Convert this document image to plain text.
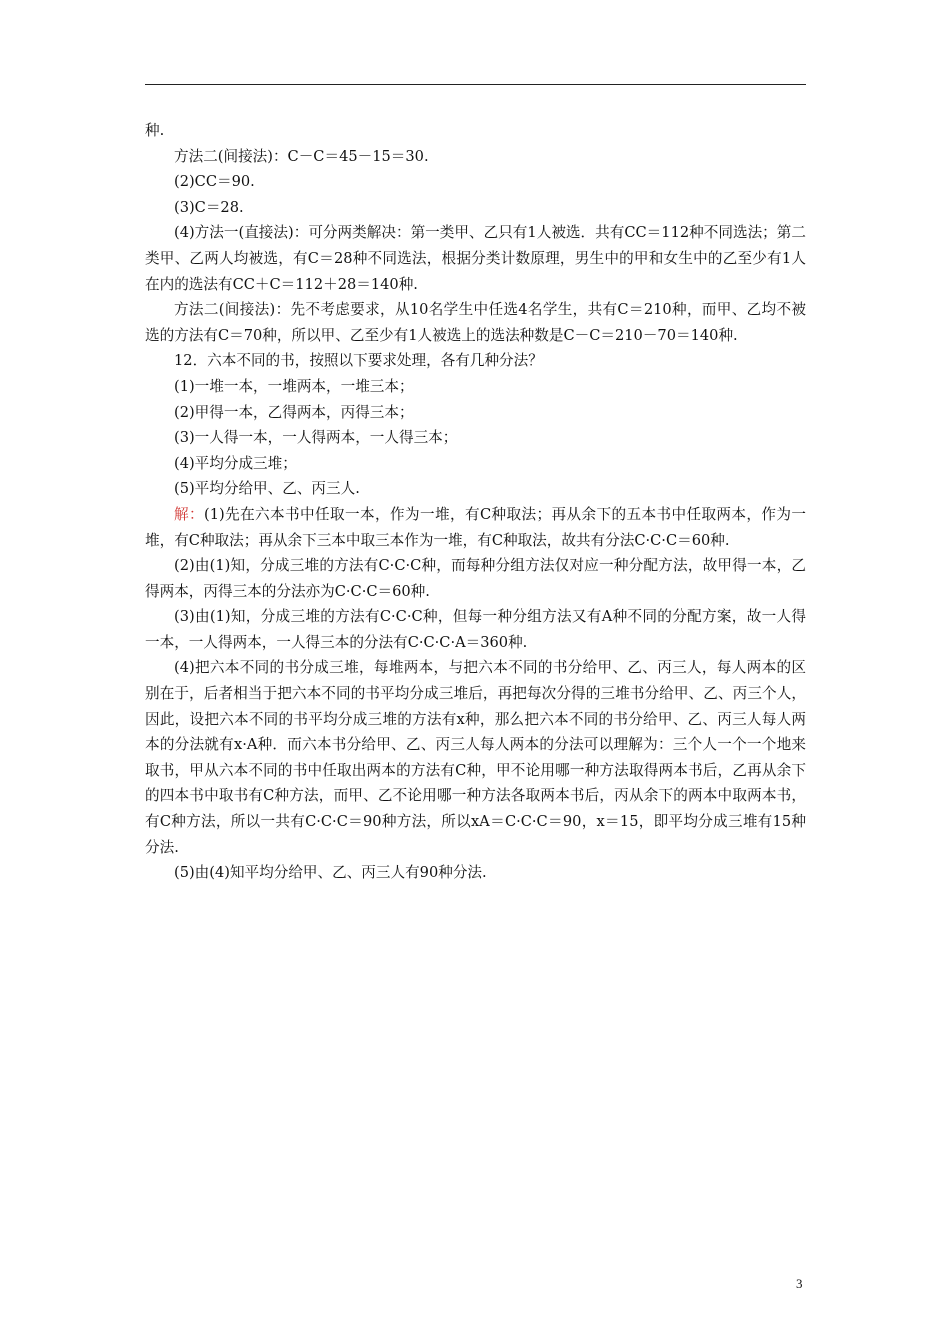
种.

方法二(间接法)：C－C＝45－15＝30.

(2)CC＝90.

(3)C＝28.

(4)方法一(直接法)：可分两类解决：第一类甲、乙只有1人被选．共有CC＝112种不同选法；第二类甲、乙两人均被选，有C＝28种不同选法，根据分类计数原理，男生中的甲和女生中的乙至少有1人在内的选法有CC＋C＝112＋28＝140种.

方法二(间接法)：先不考虑要求，从10名学生中任选4名学生，共有C＝210种，而甲、乙均不被选的方法有C＝70种，所以甲、乙至少有1人被选上的选法种数是C－C＝210－70＝140种.

12．六本不同的书，按照以下要求处理，各有几种分法？

(1)一堆一本，一堆两本，一堆三本；

(2)甲得一本，乙得两本，丙得三本；

(3)一人得一本，一人得两本，一人得三本；

(4)平均分成三堆；

(5)平均分给甲、乙、丙三人.

解：(1)先在六本书中任取一本，作为一堆，有C种取法；再从余下的五本书中任取两本，作为一堆，有C种取法；再从余下三本中取三本作为一堆，有C种取法，故共有分法C·C·C＝60种.

(2)由(1)知，分成三堆的方法有C·C·C种，而每种分组方法仅对应一种分配方法，故甲得一本，乙得两本，丙得三本的分法亦为C·C·C＝60种.

(3)由(1)知，分成三堆的方法有C·C·C种，但每一种分组方法又有A种不同的分配方案，故一人得一本，一人得两本，一人得三本的分法有C·C·C·A＝360种.

(4)把六本不同的书分成三堆，每堆两本，与把六本不同的书分给甲、乙、丙三人，每人两本的区别在于，后者相当于把六本不同的书平均分成三堆后，再把每次分得的三堆书分给甲、乙、丙三个人，因此，设把六本不同的书平均分成三堆的方法有x种，那么把六本不同的书分给甲、乙、丙三人每人两本的分法就有x·A种．而六本书分给甲、乙、丙三人每人两本的分法可以理解为：三个人一个一个地来取书，甲从六本不同的书中任取出两本的方法有C种，甲不论用哪一种方法取得两本书后，乙再从余下的四本书中取书有C种方法，而甲、乙不论用哪一种方法各取两本书后，丙从余下的两本中取两本书，有C种方法，所以一共有C·C·C＝90种方法，所以xA＝C·C·C＝90，x＝15，即平均分成三堆有15种分法.

(5)由(4)知平均分给甲、乙、丙三人有90种分法.

3
